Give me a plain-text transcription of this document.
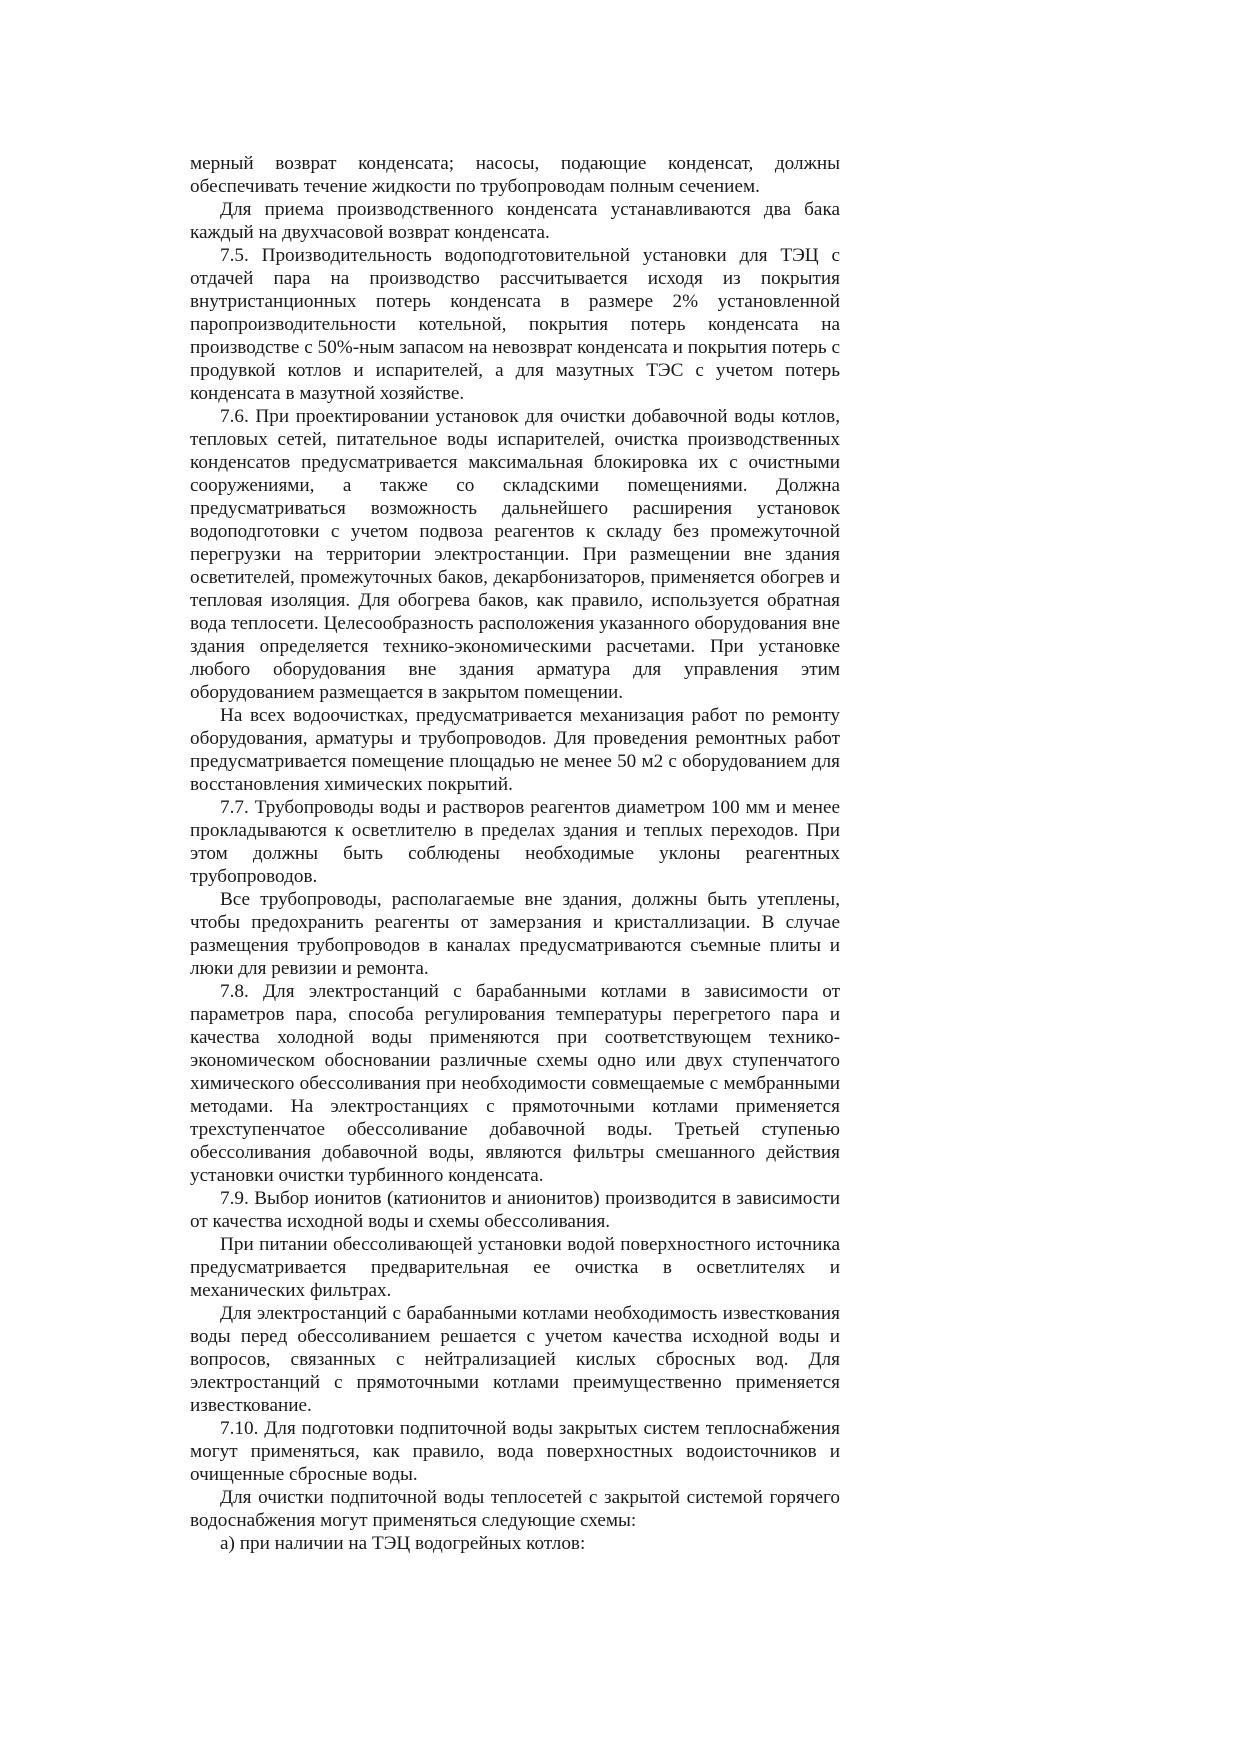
мерный возврат конденсата; насосы, подающие конденсат, должны обеспечивать течение жидкости по трубопроводам полным сечением.

Для приема производственного конденсата устанавливаются два бака каждый на двухчасовой возврат конденсата.

7.5. Производительность водоподготовительной установки для ТЭЦ с отдачей пара на производство рассчитывается исходя из покрытия внутристанционных потерь конденсата в размере 2% установленной паропроизводительности котельной, покрытия потерь конденсата на производстве с 50%-ным запасом на невозврат конденсата и покрытия потерь с продувкой котлов и испарителей, а для мазутных ТЭС с учетом потерь конденсата в мазутной хозяйстве.

7.6. При проектировании установок для очистки добавочной воды котлов, тепловых сетей, питательное воды испарителей, очистка производственных конденсатов предусматривается максимальная блокировка их с очистными сооружениями, а также со складскими помещениями. Должна предусматриваться возможность дальнейшего расширения установок водоподготовки с учетом подвоза реагентов к складу без промежуточной перегрузки на территории электростанции. При размещении вне здания осветителей, промежуточных баков, декарбонизаторов, применяется обогрев и тепловая изоляция. Для обогрева баков, как правило, используется обратная вода теплосети. Целесообразность расположения указанного оборудования вне здания определяется технико-экономическими расчетами. При установке любого оборудования вне здания арматура для управления этим оборудованием размещается в закрытом помещении.

На всех водоочистках, предусматривается механизация работ по ремонту оборудования, арматуры и трубопроводов. Для проведения ремонтных работ предусматривается помещение площадью не менее 50 м2 с оборудованием для восстановления химических покрытий.

7.7. Трубопроводы воды и растворов реагентов диаметром 100 мм и менее прокладываются к осветлителю в пределах здания и теплых переходов. При этом должны быть соблюдены необходимые уклоны реагентных трубопроводов.

Все трубопроводы, располагаемые вне здания, должны быть утеплены, чтобы предохранить реагенты от замерзания и кристаллизации. В случае размещения трубопроводов в каналах предусматриваются съемные плиты и люки для ревизии и ремонта.

7.8. Для электростанций с барабанными котлами в зависимости от параметров пара, способа регулирования температуры перегретого пара и качества холодной воды применяются при соответствующем технико-экономическом обосновании различные схемы одно или двух ступенчатого химического обессоливания при необходимости совмещаемые с мембранными методами. На электростанциях с прямоточными котлами применяется трехступенчатое обессоливание добавочной воды. Третьей ступенью обессоливания добавочной воды, являются фильтры смешанного действия установки очистки турбинного конденсата.

7.9. Выбор ионитов (катионитов и анионитов) производится в зависимости от качества исходной воды и схемы обессоливания.

При питании обессоливающей установки водой поверхностного источника предусматривается предварительная ее очистка в осветлителях и механических фильтрах.

Для электростанций с барабанными котлами необходимость известкования воды перед обессоливанием решается с учетом качества исходной воды и вопросов, связанных с нейтрализацией кислых сбросных вод. Для электростанций с прямоточными котлами преимущественно применяется известкование.

7.10. Для подготовки подпиточной воды закрытых систем теплоснабжения могут применяться, как правило, вода поверхностных водоисточников и очищенные сбросные воды.

Для очистки подпиточной воды теплосетей с закрытой системой горячего водоснабжения могут применяться следующие схемы:

а) при наличии на ТЭЦ водогрейных котлов:
